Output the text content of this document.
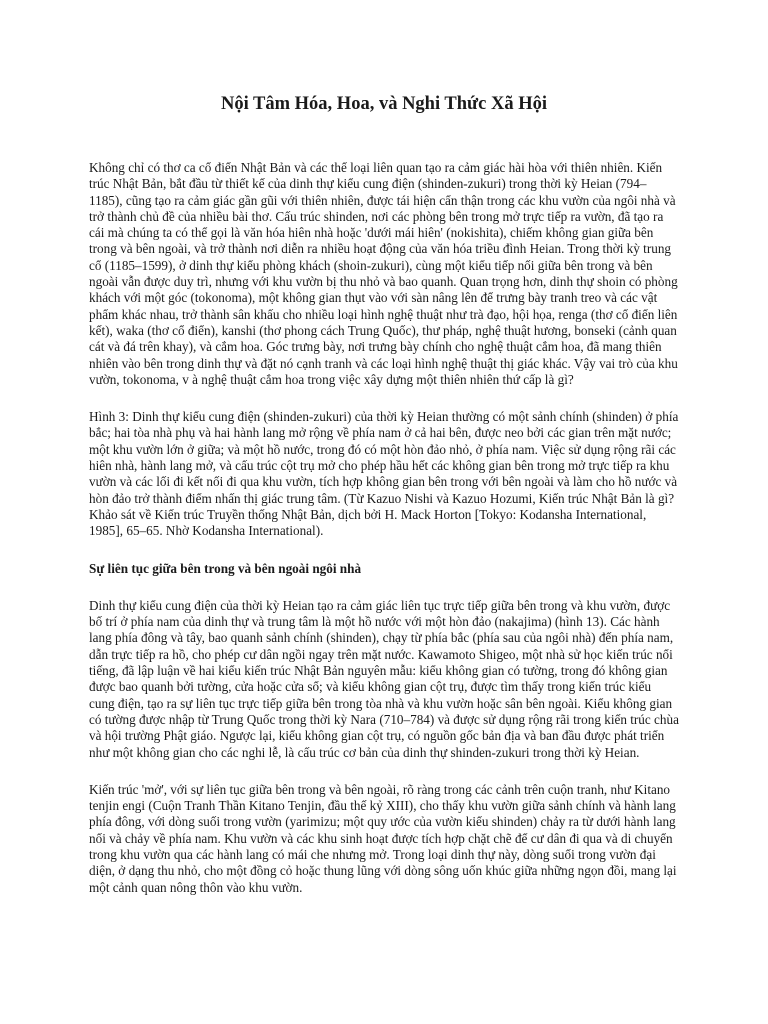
Nội Tâm Hóa, Hoa, và Nghi Thức Xã Hội

Không chỉ có thơ ca cổ điển Nhật Bản và các thể loại liên quan tạo ra cảm giác hài hòa với thiên nhiên. Kiến trúc Nhật Bản, bắt đầu từ thiết kế của dinh thự kiểu cung điện (shinden-zukuri) trong thời kỳ Heian (794–1185), cũng tạo ra cảm giác gần gũi với thiên nhiên, được tái hiện cẩn thận trong các khu vườn của ngôi nhà và trở thành chủ đề của nhiều bài thơ. Cấu trúc shinden, nơi các phòng bên trong mở trực tiếp ra vườn, đã tạo ra cái mà chúng ta có thể gọi là văn hóa hiên nhà hoặc 'dưới mái hiên' (nokishita), chiếm không gian giữa bên trong và bên ngoài, và trở thành nơi diễn ra nhiều hoạt động của văn hóa triều đình Heian. Trong thời kỳ trung cổ (1185–1599), ở dinh thự kiểu phòng khách (shoin-zukuri), cùng một kiểu tiếp nối giữa bên trong và bên ngoài vẫn được duy trì, nhưng với khu vườn bị thu nhỏ và bao quanh. Quan trọng hơn, dinh thự shoin có phòng khách với một góc (tokonoma), một không gian thụt vào với sàn nâng lên để trưng bày tranh treo và các vật phẩm khác nhau, trở thành sân khấu cho nhiều loại hình nghệ thuật như trà đạo, hội họa, renga (thơ cổ điển liên kết), waka (thơ cổ điển), kanshi (thơ phong cách Trung Quốc), thư pháp, nghệ thuật hương, bonseki (cảnh quan cát và đá trên khay), và cắm hoa. Góc trưng bày, nơi trưng bày chính cho nghệ thuật cắm hoa, đã mang thiên nhiên vào bên trong dinh thự và đặt nó cạnh tranh và các loại hình nghệ thuật thị giác khác. Vậy vai trò của khu vườn, tokonoma, v à nghệ thuật cắm hoa trong việc xây dựng một thiên nhiên thứ cấp là gì?

Hình 3: Dinh thự kiểu cung điện (shinden-zukuri) của thời kỳ Heian thường có một sảnh chính (shinden) ở phía bắc; hai tòa nhà phụ và hai hành lang mở rộng về phía nam ở cả hai bên, được neo bởi các gian trên mặt nước; một khu vườn lớn ở giữa; và một hồ nước, trong đó có một hòn đảo nhỏ, ở phía nam. Việc sử dụng rộng rãi các hiên nhà, hành lang mở, và cấu trúc cột trụ mở cho phép hầu hết các không gian bên trong mở trực tiếp ra khu vườn và các lối đi kết nối đi qua khu vườn, tích hợp không gian bên trong với bên ngoài và làm cho hồ nước và hòn đảo trở thành điểm nhấn thị giác trung tâm. (Từ Kazuo Nishi và Kazuo Hozumi, Kiến trúc Nhật Bản là gì? Khảo sát về Kiến trúc Truyền thống Nhật Bản, dịch bởi H. Mack Horton [Tokyo: Kodansha International, 1985], 65–65. Nhờ Kodansha International).

Sự liên tục giữa bên trong và bên ngoài ngôi nhà

Dinh thự kiểu cung điện của thời kỳ Heian tạo ra cảm giác liên tục trực tiếp giữa bên trong và khu vườn, được bố trí ở phía nam của dinh thự và trung tâm là một hồ nước với một hòn đảo (nakajima) (hình 13). Các hành lang phía đông và tây, bao quanh sảnh chính (shinden), chạy từ phía bắc (phía sau của ngôi nhà) đến phía nam, dẫn trực tiếp ra hồ, cho phép cư dân ngồi ngay trên mặt nước. Kawamoto Shigeo, một nhà sử học kiến trúc nổi tiếng, đã lập luận về hai kiểu kiến trúc Nhật Bản nguyên mẫu: kiểu không gian có tường, trong đó không gian được bao quanh bởi tường, cửa hoặc cửa sổ; và kiểu không gian cột trụ, được tìm thấy trong kiến trúc kiểu cung điện, tạo ra sự liên tục trực tiếp giữa bên trong tòa nhà và khu vườn hoặc sân bên ngoài. Kiểu không gian có tường được nhập từ Trung Quốc trong thời kỳ Nara (710–784) và được sử dụng rộng rãi trong kiến trúc chùa và hội trường Phật giáo. Ngược lại, kiểu không gian cột trụ, có nguồn gốc bản địa và ban đầu được phát triển như một không gian cho các nghi lễ, là cấu trúc cơ bản của dinh thự shinden-zukuri trong thời kỳ Heian.

Kiến trúc 'mở', với sự liên tục giữa bên trong và bên ngoài, rõ ràng trong các cảnh trên cuộn tranh, như Kitano tenjin engi (Cuộn Tranh Thần Kitano Tenjin, đầu thế kỷ XIII), cho thấy khu vườn giữa sảnh chính và hành lang phía đông, với dòng suối trong vườn (yarimizu; một quy ước của vườn kiểu shinden) chảy ra từ dưới hành lang nối và chảy về phía nam. Khu vườn và các khu sinh hoạt được tích hợp chặt chẽ để cư dân đi qua và di chuyển trong khu vườn qua các hành lang có mái che nhưng mở. Trong loại dinh thự này, dòng suối trong vườn đại diện, ở dạng thu nhỏ, cho một đồng cỏ hoặc thung lũng với dòng sông uốn khúc giữa những ngọn đồi, mang lại một cảnh quan nông thôn vào khu vườn.
